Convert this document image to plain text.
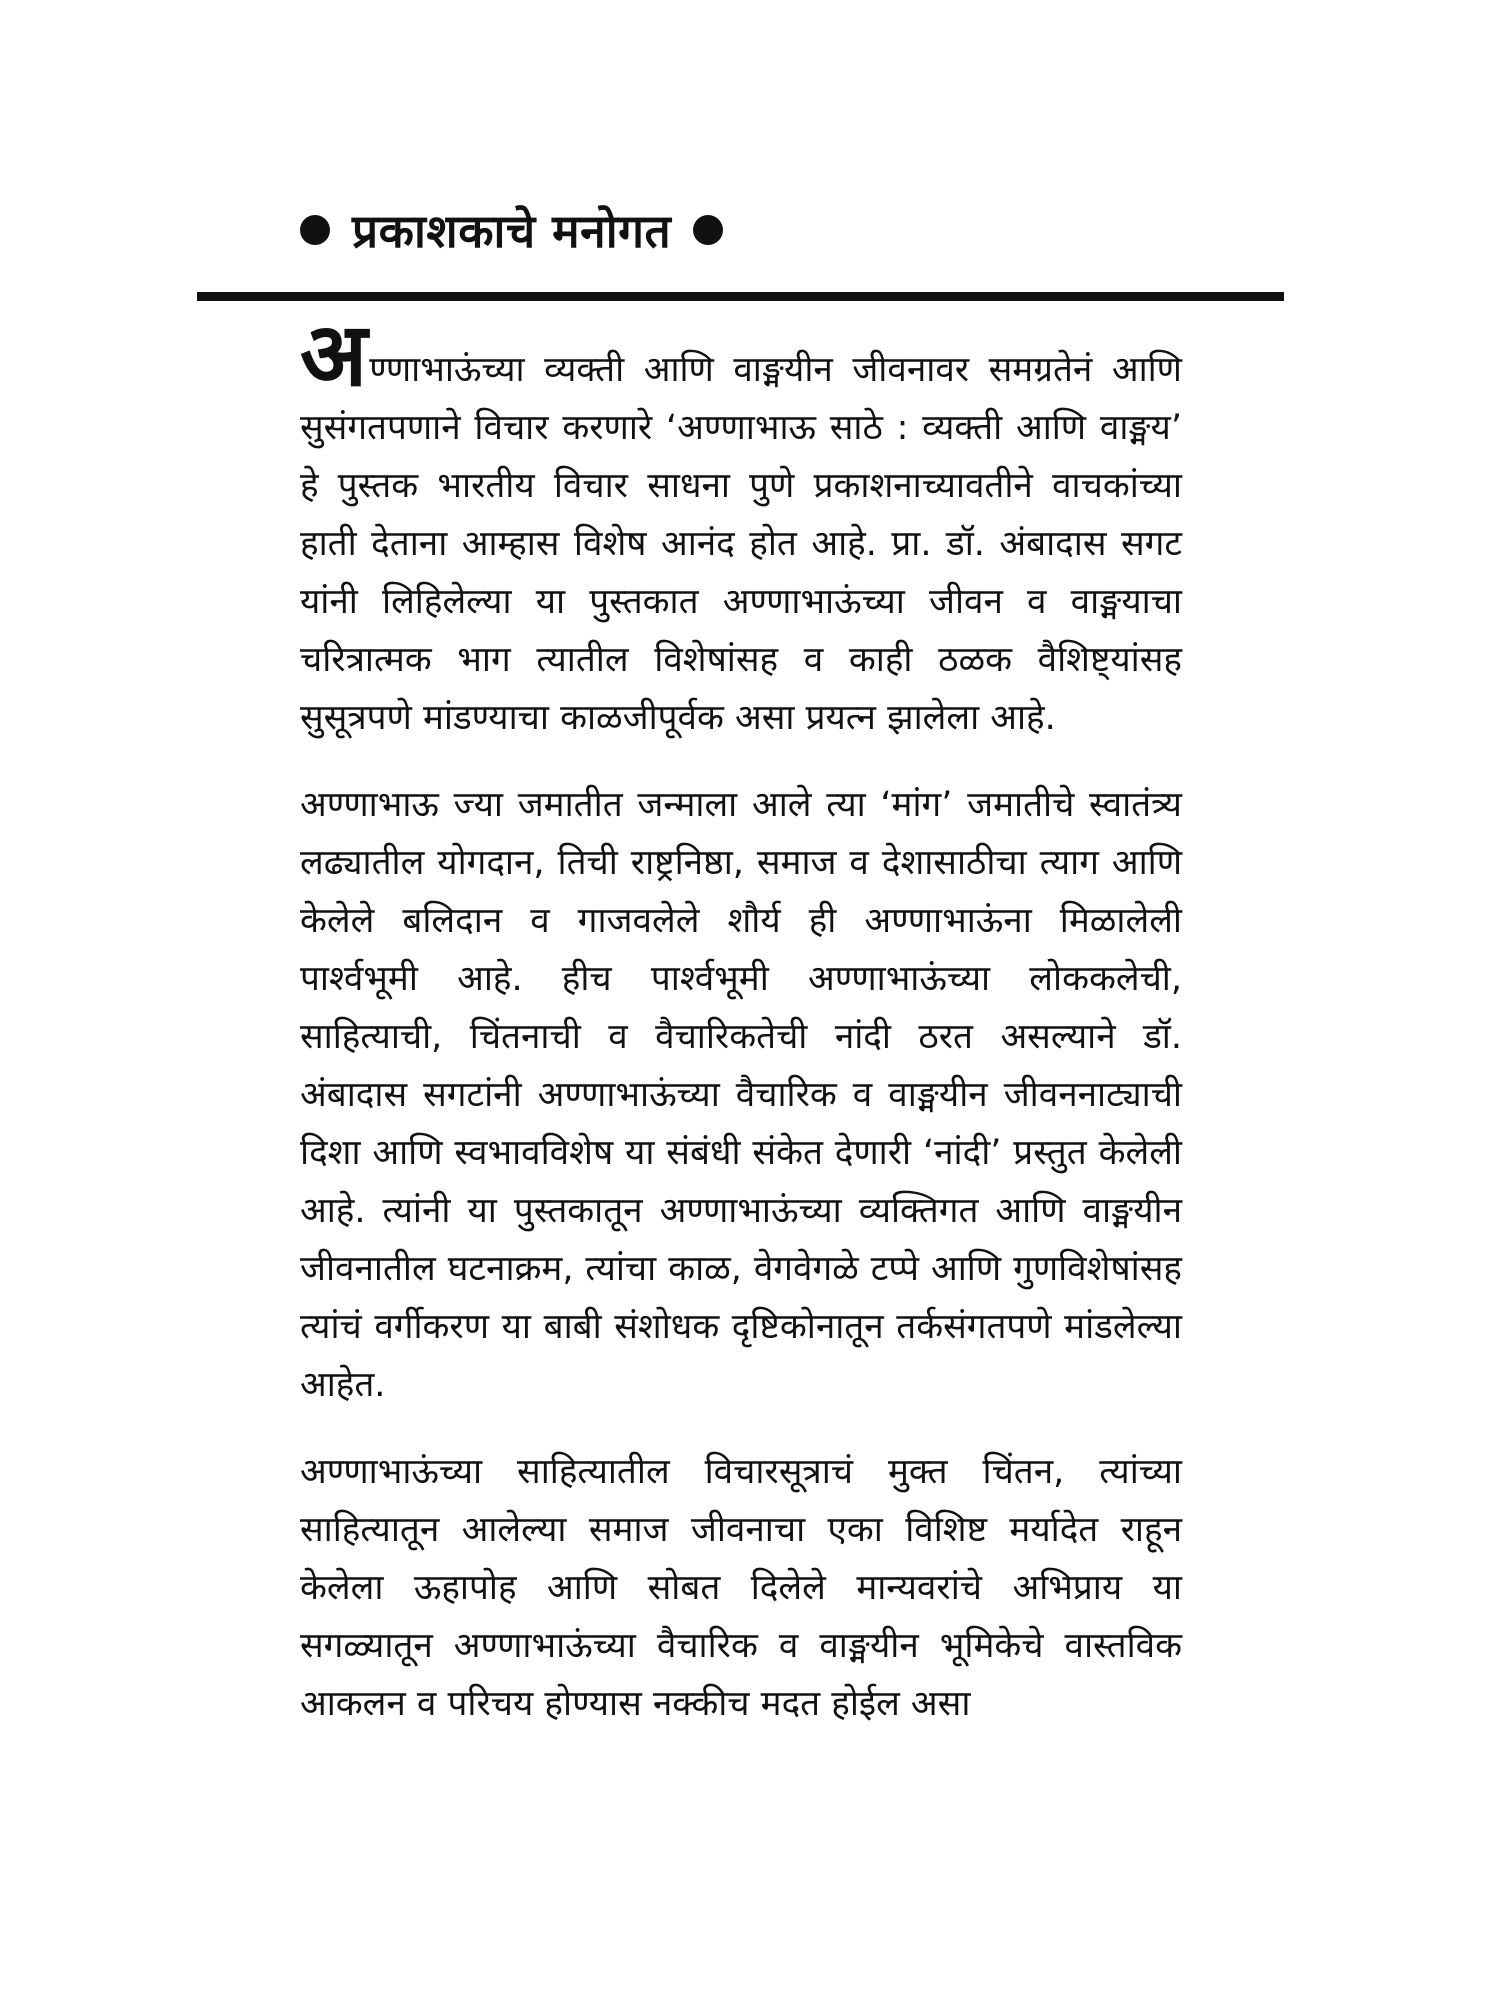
प्रकाशकाचे मनोगत

अण्णाभाऊंच्या व्यक्ती आणि वाङ्मयीन जीवनावर समग्रतेनं आणि सुसंगतपणाने विचार करणारे ‘अण्णाभाऊ साठे : व्यक्ती आणि वाङ्मय’ हे पुस्तक भारतीय विचार साधना पुणे प्रकाशनाच्यावतीने वाचकांच्या हाती देताना आम्हास विशेष आनंद होत आहे. प्रा. डॉ. अंबादास सगट यांनी लिहिलेल्या या पुस्तकात अण्णाभाऊंच्या जीवन व वाङ्मयाचा चरित्रात्मक भाग त्यातील विशेषांसह व काही ठळक वैशिष्ट्यांसह सुसूत्रपणे मांडण्याचा काळजीपूर्वक असा प्रयत्न झालेला आहे.

अण्णाभाऊ ज्या जमातीत जन्माला आले त्या ‘मांग’ जमातीचे स्वातंत्र्य लढ्यातील योगदान, तिची राष्ट्रनिष्ठा, समाज व देशासाठीचा त्याग आणि केलेले बलिदान व गाजवलेले शौर्य ही अण्णाभाऊंना मिळालेली पार्श्वभूमी आहे. हीच पार्श्वभूमी अण्णाभाऊंच्या लोककलेची, साहित्याची, चिंतनाची व वैचारिकतेची नांदी ठरत असल्याने डॉ. अंबादास सगटांनी अण्णाभाऊंच्या वैचारिक व वाङ्मयीन जीवननाट्याची दिशा आणि स्वभावविशेष या संबंधी संकेत देणारी ‘नांदी’ प्रस्तुत केलेली आहे. त्यांनी या पुस्तकातून अण्णाभाऊंच्या व्यक्तिगत आणि वाङ्मयीन जीवनातील घटनाक्रम, त्यांचा काळ, वेगवेगळे टप्पे आणि गुणविशेषांसह त्यांचं वर्गीकरण या बाबी संशोधक दृष्टिकोनातून तर्कसंगतपणे मांडलेल्या आहेत.

अण्णाभाऊंच्या साहित्यातील विचारसूत्राचं मुक्त चिंतन, त्यांच्या साहित्यातून आलेल्या समाज जीवनाचा एका विशिष्ट मर्यादेत राहून केलेला ऊहापोह आणि सोबत दिलेले मान्यवरांचे अभिप्राय या सगळ्यातून अण्णाभाऊंच्या वैचारिक व वाङ्मयीन भूमिकेचे वास्तविक आकलन व परिचय होण्यास नक्कीच मदत होईल असा
